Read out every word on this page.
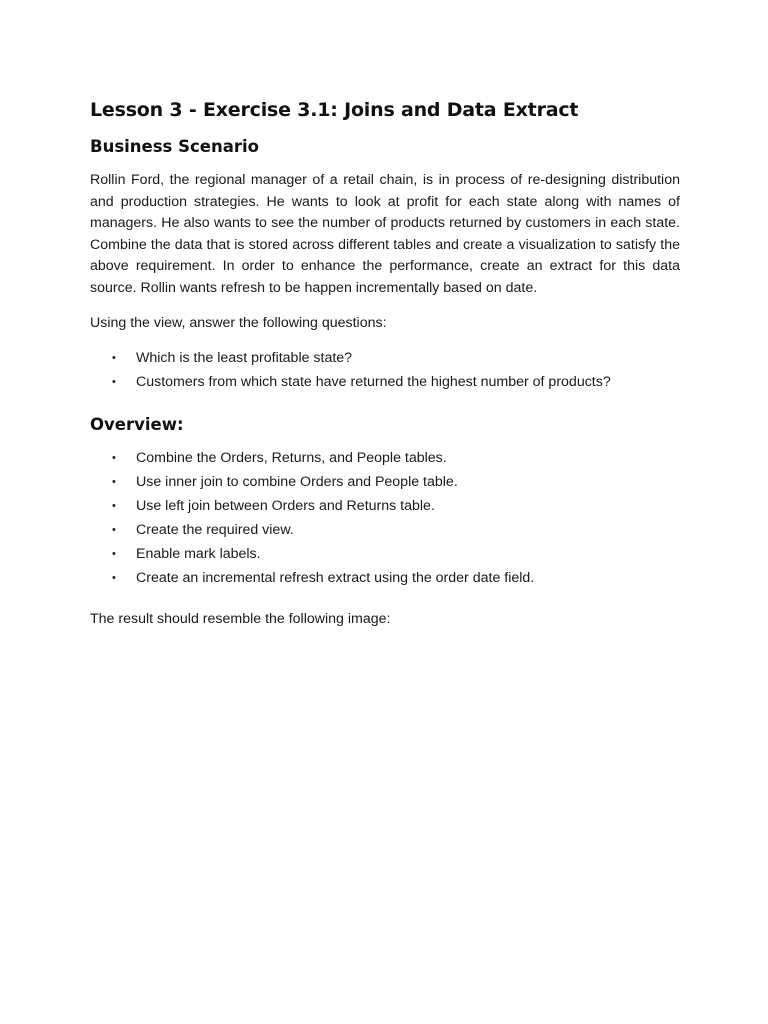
Lesson 3 - Exercise 3.1: Joins and Data Extract
Business Scenario

Rollin Ford, the regional manager of a retail chain, is in process of re-designing distribution and production strategies. He wants to look at profit for each state along with names of managers. He also wants to see the number of products returned by customers in each state. Combine the data that is stored across different tables and create a visualization to satisfy the above requirement. In order to enhance the performance, create an extract for this data source. Rollin wants refresh to be happen incrementally based on date.

Using the view, answer the following questions:

• Which is the least profitable state?
• Customers from which state have returned the highest number of products?
Overview:
• Combine the Orders, Returns, and People tables.
• Use inner join to combine Orders and People table.
• Use left join between Orders and Returns table.
• Create the required view.
• Enable mark labels.
• Create an incremental refresh extract using the order date field.

The result should resemble the following image:
